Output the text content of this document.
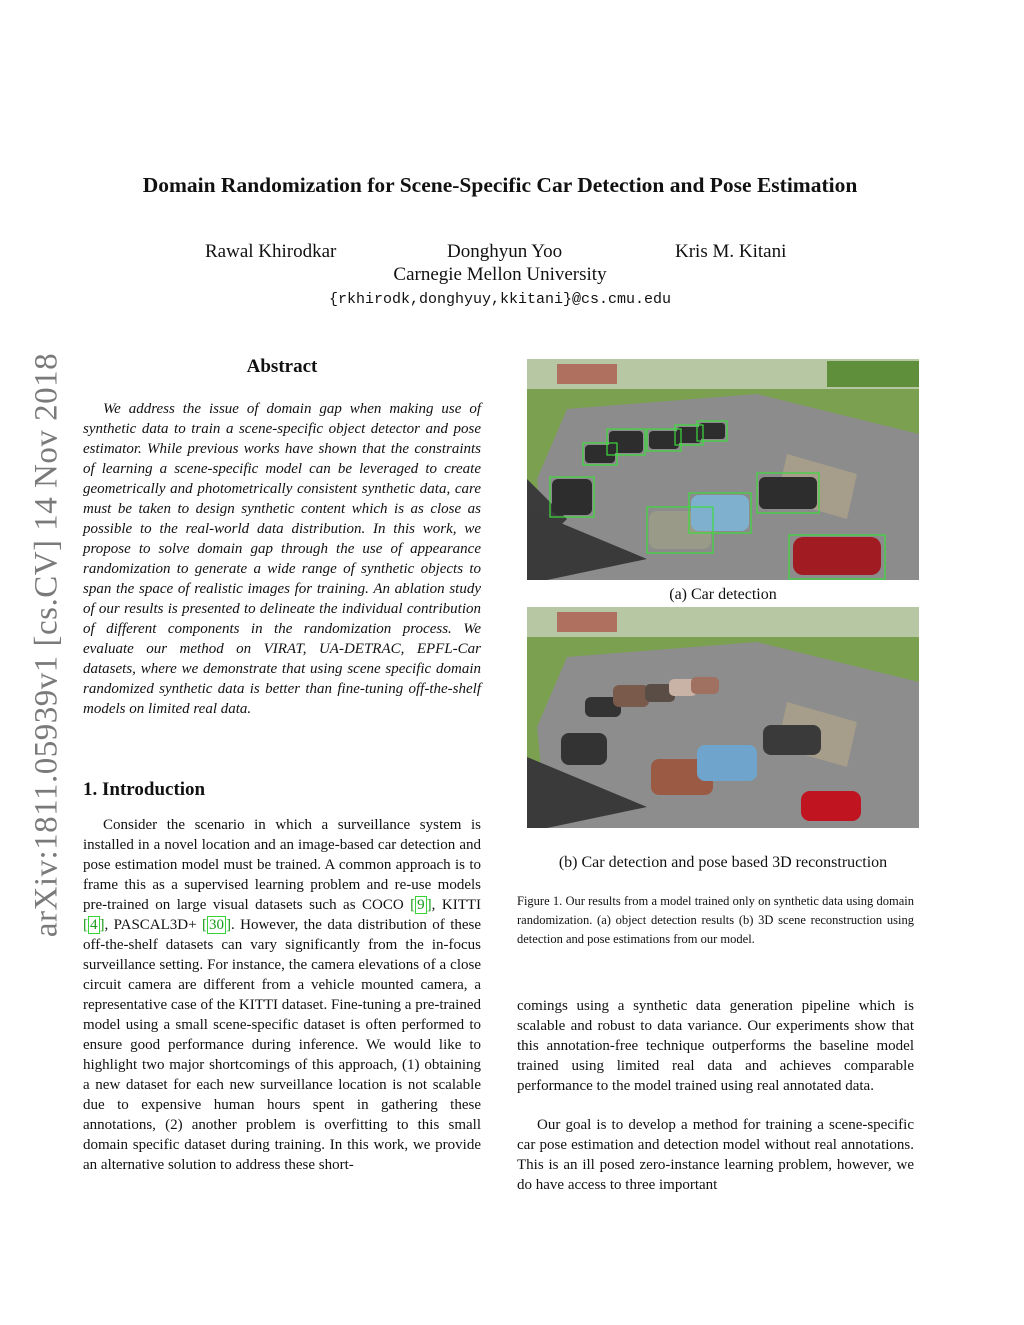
arXiv:1811.05939v1 [cs.CV] 14 Nov 2018
Domain Randomization for Scene-Specific Car Detection and Pose Estimation
Rawal Khirodkar	Donghyun Yoo	Kris M. Kitani
Carnegie Mellon University
{rkhirodk,donghyuy,kkitani}@cs.cmu.edu
Abstract

We address the issue of domain gap when making use of synthetic data to train a scene-specific object detector and pose estimator. While previous works have shown that the constraints of learning a scene-specific model can be leveraged to create geometrically and photometrically consistent synthetic data, care must be taken to design synthetic content which is as close as possible to the real-world data distribution. In this work, we propose to solve domain gap through the use of appearance randomization to generate a wide range of synthetic objects to span the space of realistic images for training. An ablation study of our results is presented to delineate the individual contribution of different components in the randomization process. We evaluate our method on VIRAT, UA-DETRAC, EPFL-Car datasets, where we demonstrate that using scene specific domain randomized synthetic data is better than fine-tuning off-the-shelf models on limited real data.

1. Introduction

Consider the scenario in which a surveillance system is installed in a novel location and an image-based car detection and pose estimation model must be trained. A common approach is to frame this as a supervised learning problem and re-use models pre-trained on large visual datasets such as COCO [ 9 ], KITTI [ 4 ], PASCAL3D+ [ 30 ]. However, the data distribution of these off-the-shelf datasets can vary significantly from the in-focus surveillance setting. For instance, the camera elevations of a close circuit camera are different from a vehicle mounted camera, a representative case of the KITTI dataset. Fine-tuning a pre-trained model using a small scene-specific dataset is often performed to ensure good performance during inference. We would like to highlight two major shortcomings of this approach, (1) obtaining a new dataset for each new surveillance location is not scalable due to expensive human hours spent in gathering these annotations, (2) another problem is overfitting to this small domain specific dataset during training. In this work, we provide an alternative solution to address these short-

(a) Car detection
(b) Car detection and pose based 3D reconstruction

Figure 1. Our results from a model trained only on synthetic data using domain randomization. (a) object detection results (b) 3D scene reconstruction using detection and pose estimations from our model.

comings using a synthetic data generation pipeline which is scalable and robust to data variance. Our experiments show that this annotation-free technique outperforms the baseline model trained using limited real data and achieves comparable performance to the model trained using real annotated data.

Our goal is to develop a method for training a scene-specific car pose estimation and detection model without real annotations. This is an ill posed zero-instance learning problem, however, we do have access to three important
